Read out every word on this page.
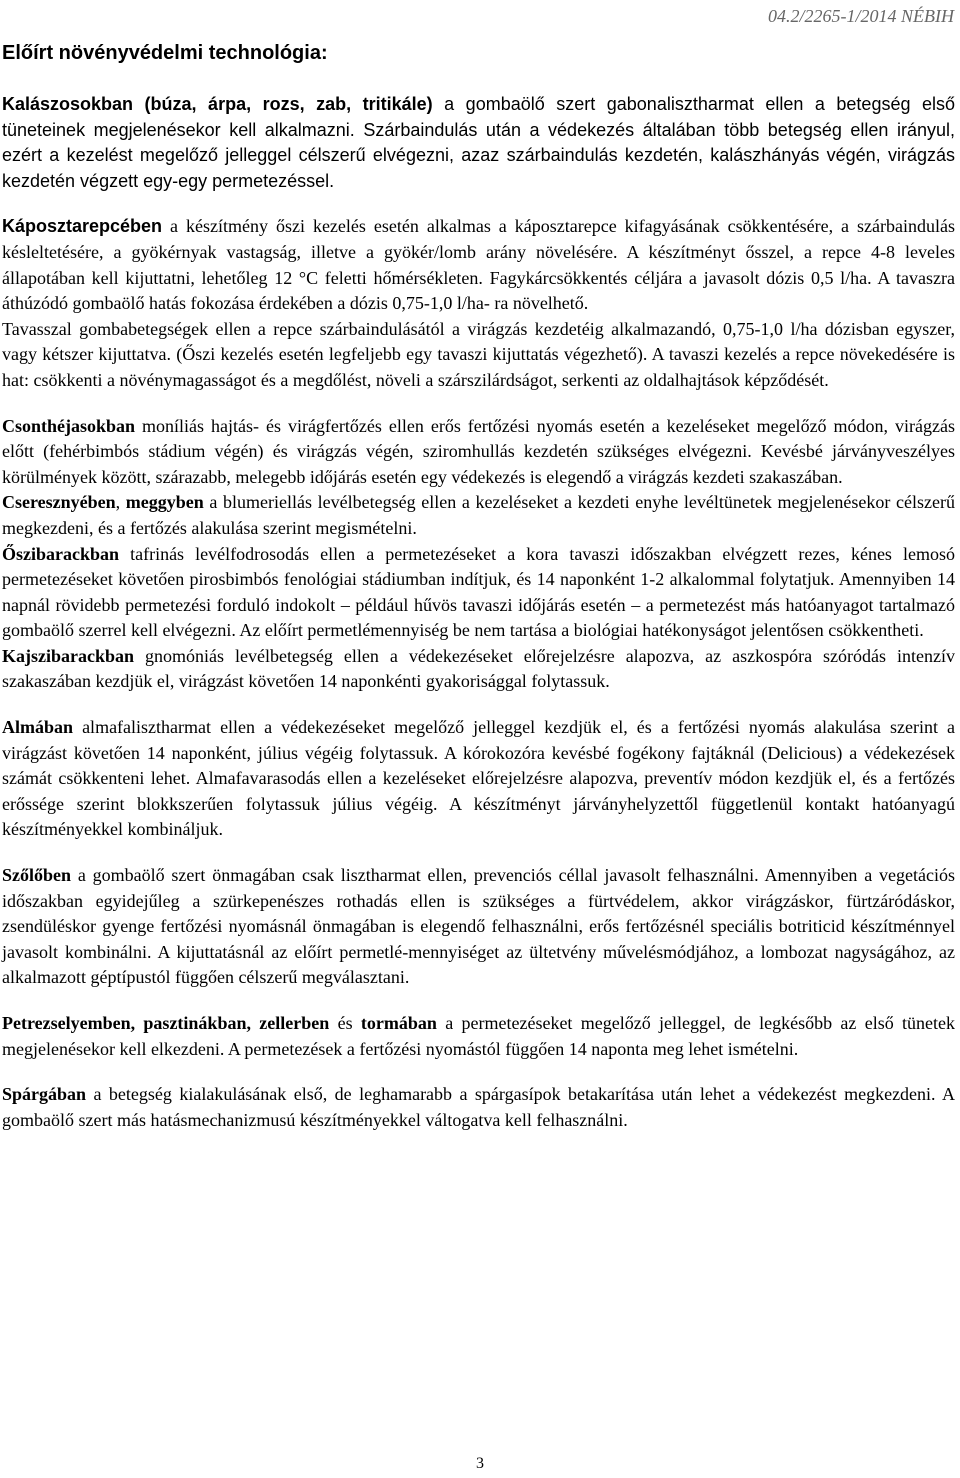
04.2/2265-1/2014 NÉBIH
Előírt növényvédelmi technológia:

Kalászosokban (búza, árpa, rozs, zab, tritikále) a gombaölő szert gabonalisztharmat ellen a betegség első tüneteinek megjelenésekor kell alkalmazni. Szárbaindulás után a védekezés általában több betegség ellen irányul, ezért a kezelést megelőző jelleggel célszerű elvégezni, azaz szárbaindulás kezdetén, kalászhányás végén, virágzás kezdetén végzett egy-egy permetezéssel.

Káposztarepcében a készítmény őszi kezelés esetén alkalmas a káposztarepce kifagyásának csökkentésére, a szárbaindulás késleltetésére, a gyökérnyak vastagság, illetve a gyökér/lomb arány növelésére. A készítményt ősszel, a repce 4-8 leveles állapotában kell kijuttatni, lehetőleg 12 °C feletti hőmérsékleten. Fagykárcsökkentés céljára a javasolt dózis 0,5 l/ha. A tavaszra áthúzódó gombaölő hatás fokozása érdekében a dózis 0,75-1,0 l/ha- ra növelhető.

Tavasszal gombabetegségek ellen a repce szárbaindulásától a virágzás kezdetéig alkalmazandó, 0,75-1,0 l/ha dózisban egyszer, vagy kétszer kijuttatva. (Őszi kezelés esetén legfeljebb egy tavaszi kijuttatás végezhető). A tavaszi kezelés a repce növekedésére is hat: csökkenti a növénymagasságot és a megdőlést, növeli a szárszilárdságot, serkenti az oldalhajtások képződését.

Csonthéjasokban moníliás hajtás- és virágfertőzés ellen erős fertőzési nyomás esetén a kezeléseket megelőző módon, virágzás előtt (fehérbimbós stádium végén) és virágzás végén, sziromhullás kezdetén szükséges elvégezni. Kevésbé járványveszélyes körülmények között, szárazabb, melegebb időjárás esetén egy védekezés is elegendő a virágzás kezdeti szakaszában.

Cseresznyében, meggyben a blumeriellás levélbetegség ellen a kezeléseket a kezdeti enyhe levéltünetek megjelenésekor célszerű megkezdeni, és a fertőzés alakulása szerint megismételni.

Őszibarackban tafrinás levélfodrosodás ellen a permetezéseket a kora tavaszi időszakban elvégzett rezes, kénes lemosó permetezéseket követően pirosbimbós fenológiai stádiumban indítjuk, és 14 naponként 1-2 alkalommal folytatjuk. Amennyiben 14 napnál rövidebb permetezési forduló indokolt – például hűvös tavaszi időjárás esetén – a permetezést más hatóanyagot tartalmazó gombaölő szerrel kell elvégezni. Az előírt permetlémennyiség be nem tartása a biológiai hatékonyságot jelentősen csökkentheti.

Kajszibarackban gnomóniás levélbetegség ellen a védekezéseket előrejelzésre alapozva, az aszkospóra szóródás intenzív szakaszában kezdjük el, virágzást követően 14 naponkénti gyakorisággal folytassuk.

Almában almafalisztharmat ellen a védekezéseket megelőző jelleggel kezdjük el, és a fertőzési nyomás alakulása szerint a virágzást követően 14 naponként, július végéig folytassuk. A kórokozóra kevésbé fogékony fajtáknál (Delicious) a védekezések számát csökkenteni lehet. Almafavarasodás ellen a kezeléseket előrejelzésre alapozva, preventív módon kezdjük el, és a fertőzés erőssége szerint blokkszerűen folytassuk július végéig. A készítményt járványhelyzettől függetlenül kontakt hatóanyagú készítményekkel kombináljuk.

Szőlőben a gombaölő szert önmagában csak lisztharmat ellen, prevenciós céllal javasolt felhasználni. Amennyiben a vegetációs időszakban egyidejűleg a szürkepenészes rothadás ellen is szükséges a fürtvédelem, akkor virágzáskor, fürtzáródáskor, zsendüléskor gyenge fertőzési nyomásnál önmagában is elegendő felhasználni, erős fertőzésnél speciális botriticid készítménnyel javasolt kombinálni. A kijuttatásnál az előírt permetlé-mennyiséget az ültetvény művelésmódjához, a lombozat nagyságához, az alkalmazott géptípustól függően célszerű megválasztani.

Petrezselyemben, pasztinákban, zellerben és tormában a permetezéseket megelőző jelleggel, de legkésőbb az első tünetek megjelenésekor kell elkezdeni. A permetezések a fertőzési nyomástól függően 14 naponta meg lehet ismételni.

Spárgában a betegség kialakulásának első, de leghamarabb a spárgasípok betakarítása után lehet a védekezést megkezdeni. A gombaölő szert más hatásmechanizmusú készítményekkel váltogatva kell felhasználni.

3
